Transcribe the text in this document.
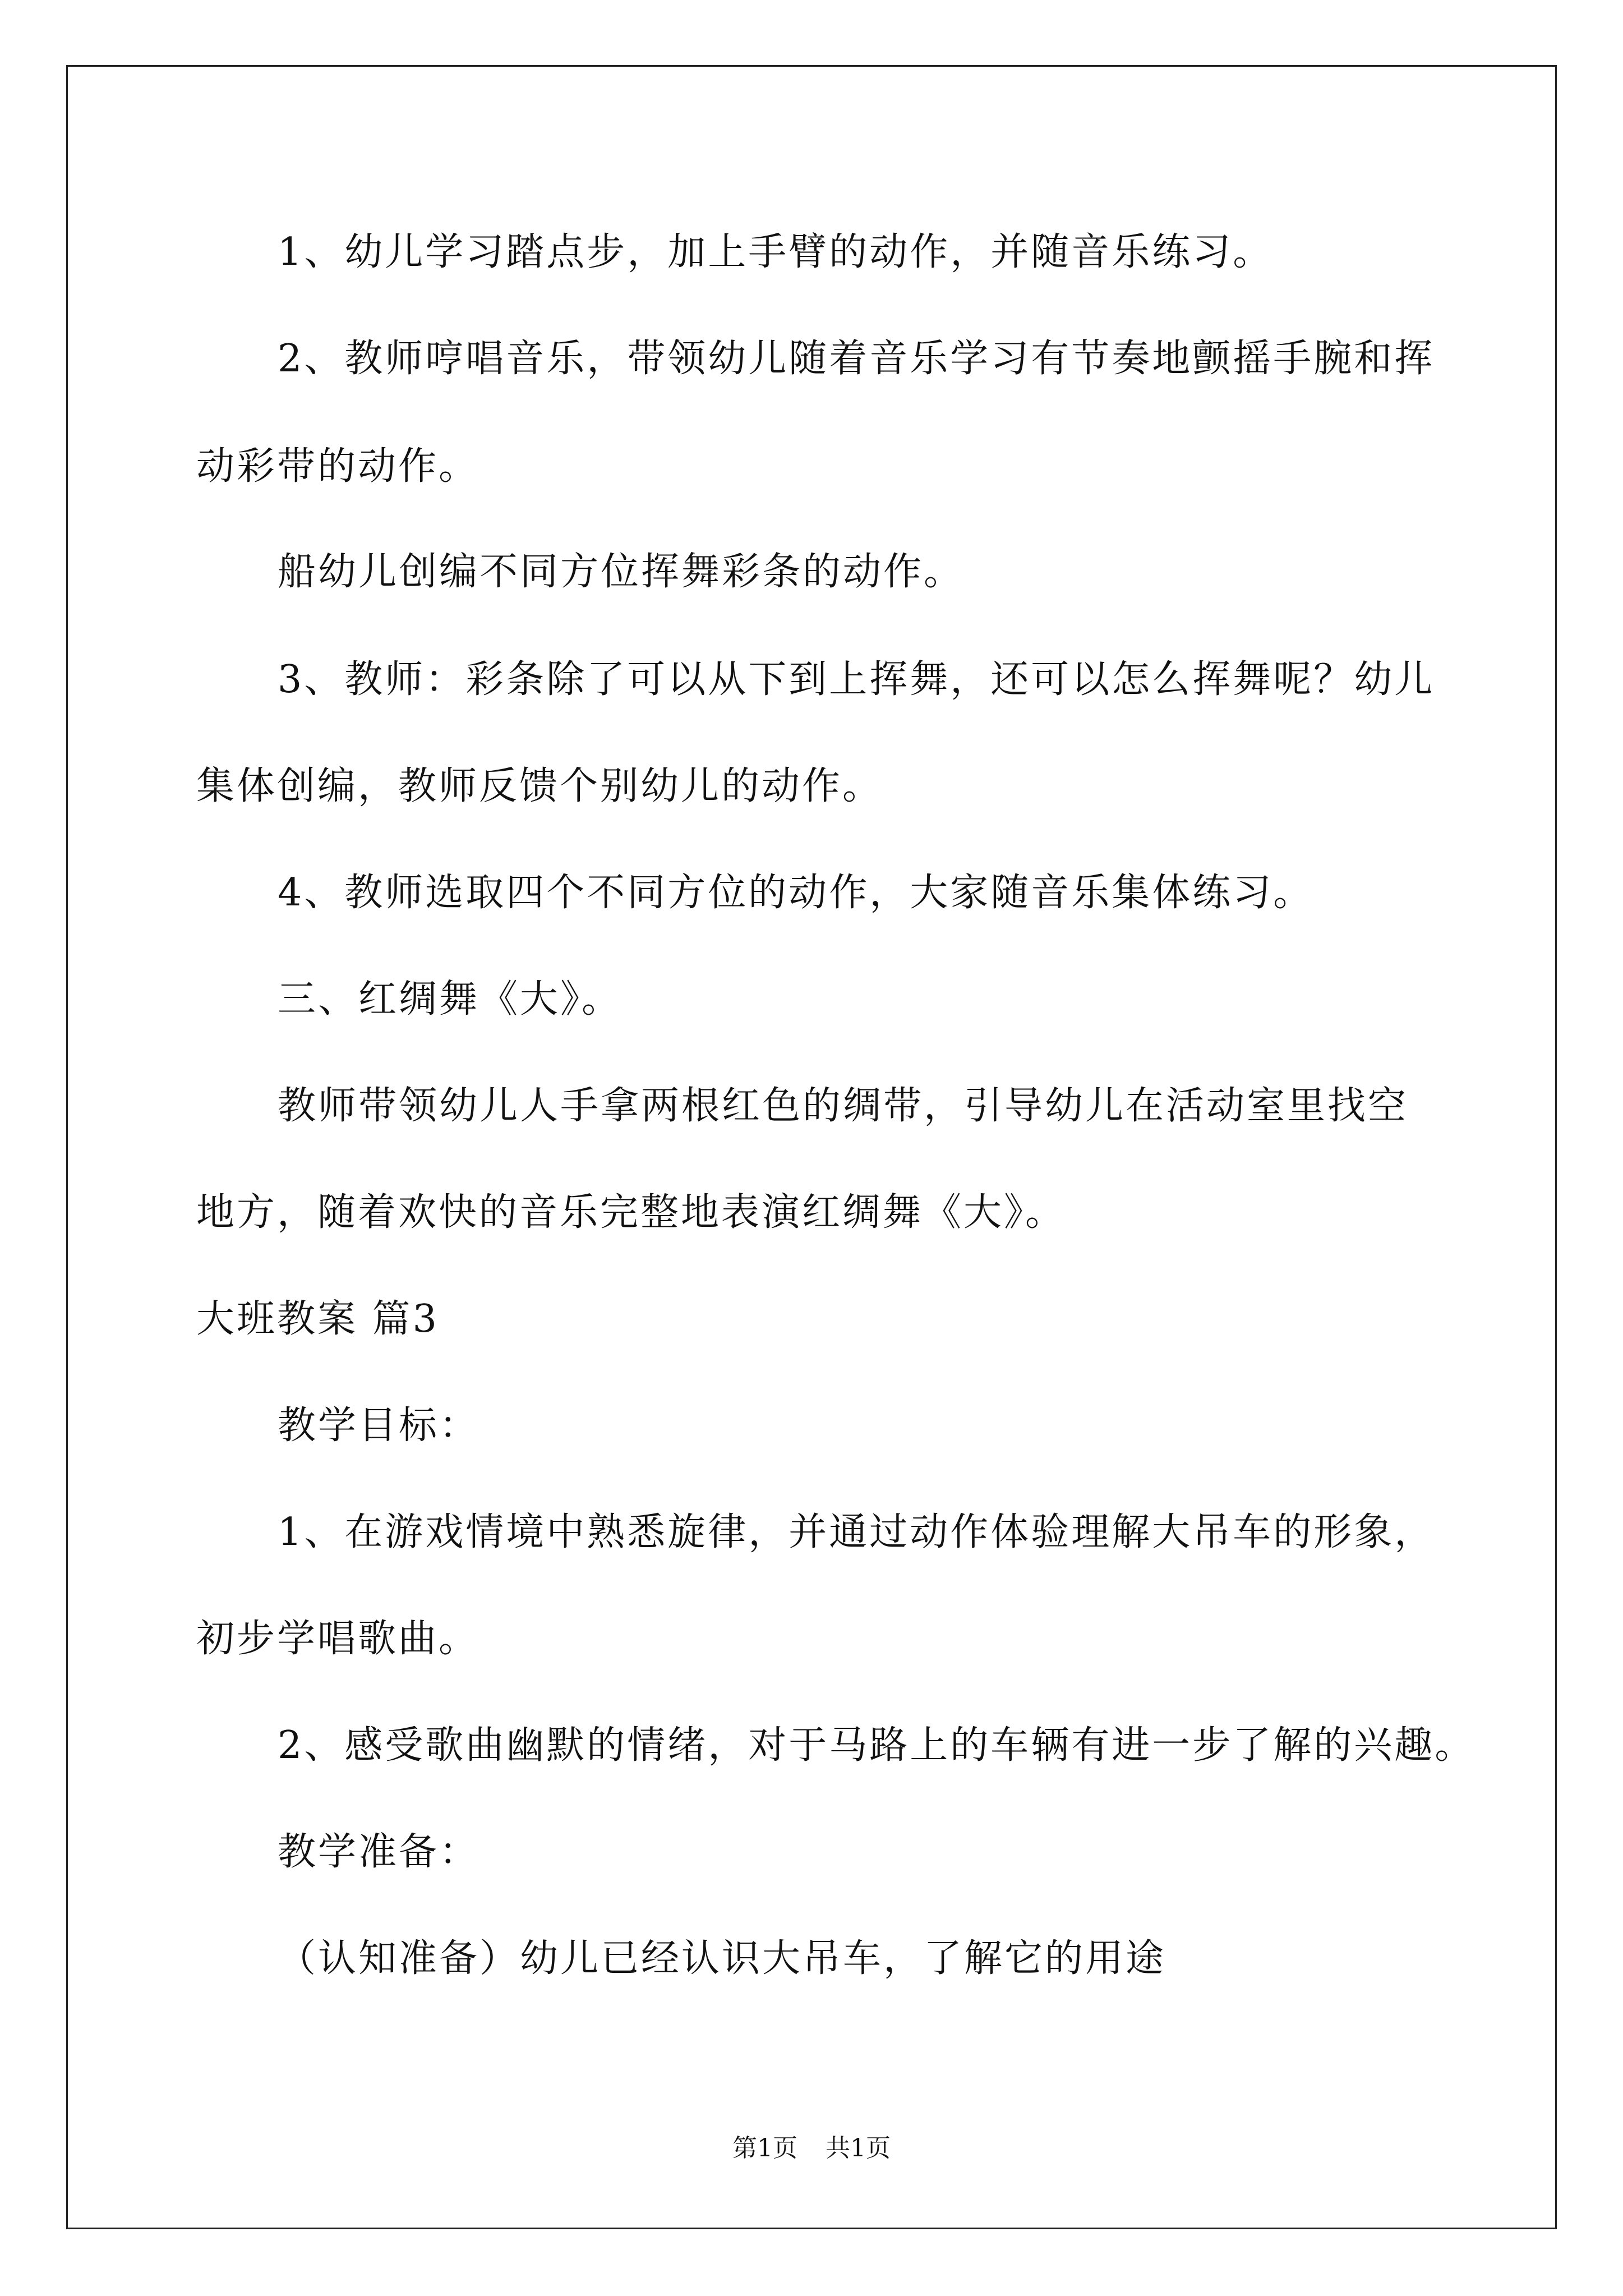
1、幼儿学习踏点步，加上手臂的动作，并随音乐练习。
2、教师哼唱音乐，带领幼儿随着音乐学习有节奏地颤摇手腕和挥
动彩带的动作。
船幼儿创编不同方位挥舞彩条的动作。
3、教师：彩条除了可以从下到上挥舞，还可以怎么挥舞呢？幼儿
集体创编，教师反馈个别幼儿的动作。
4、教师选取四个不同方位的动作，大家随音乐集体练习。
三、红绸舞《大》。
教师带领幼儿人手拿两根红色的绸带，引导幼儿在活动室里找空
地方，随着欢快的音乐完整地表演红绸舞《大》。
大班教案 篇3
教学目标：
1、在游戏情境中熟悉旋律，并通过动作体验理解大吊车的形象，
初步学唱歌曲。
2、感受歌曲幽默的情绪，对于马路上的车辆有进一步了解的兴趣。
教学准备：
（认知准备）幼儿已经认识大吊车，了解它的用途
第1页 共1页
